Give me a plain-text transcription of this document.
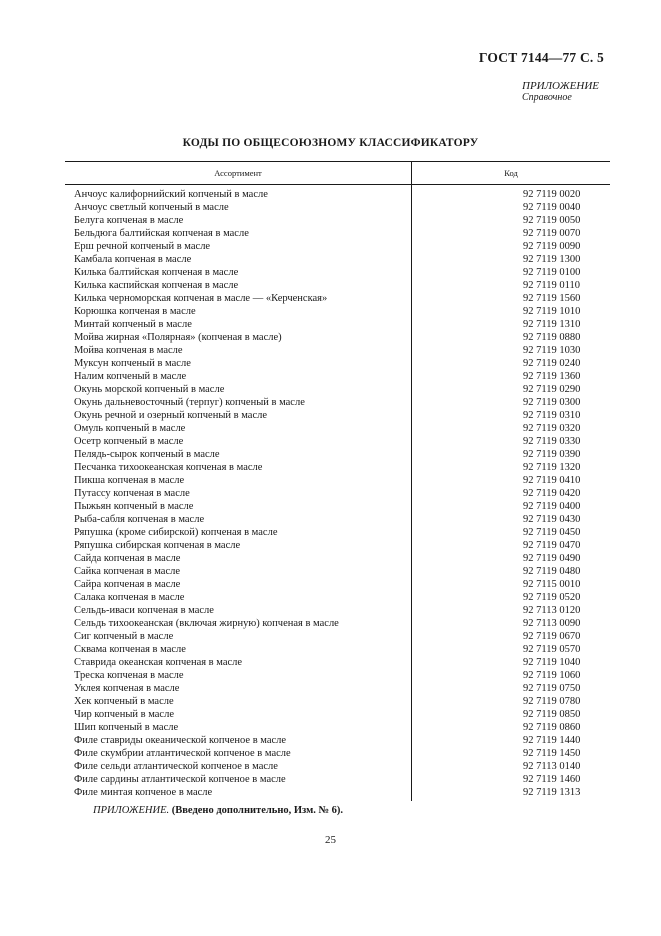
ГОСТ 7144—77 С. 5
ПРИЛОЖЕНИЕ
Справочное
КОДЫ ПО ОБЩЕСОЮЗНОМУ КЛАССИФИКАТОРУ
Ассортимент	Код
Анчоус калифорнийский копченый в масле
Анчоус светлый копченый в масле
Белуга копченая в масле
Бельдюга балтийская копченая в масле
Ерш речной копченый в масле
Камбала копченая в масле
Килька балтийская копченая в масле
Килька каспийская копченая в масле
Килька черноморская копченая в масле — «Керченская»
Корюшка копченая в масле
Минтай копченый в масле
Мойва жирная «Полярная» (копченая в масле)
Мойва копченая в масле
Муксун копченый в масле
Налим копченый в масле
Окунь морской копченый в масле
Окунь дальневосточный (терпуг) копченый в масле
Окунь речной и озерный копченый в масле
Омуль копченый в масле
Осетр копченый в масле
Пелядь-сырок копченый в масле
Песчанка тихоокеанская копченая в масле
Пикша копченая в масле
Путассу копченая в масле
Пыжьян копченый в масле
Рыба-сабля копченая в масле
Ряпушка (кроме сибирской) копченая в масле
Ряпушка сибирская копченая в масле
Сайда копченая в масле
Сайка копченая в масле
Сайра копченая в масле
Салака копченая в масле
Сельдь-иваси копченая в масле
Сельдь тихоокеанская (включая жирную) копченая в масле
Сиг копченый в масле
Сквама копченая в масле
Ставрида океанская копченая в масле
Треска копченая в масле
Уклея копченая в масле
Хек копченый в масле
Чир копченый в масле
Шип копченый в масле
Филе ставриды океанической копченое в масле
Филе скумбрии атлантической копченое в масле
Филе сельди атлантической копченое в масле
Филе сардины атлантической копченое в масле
Филе минтая копченое в масле
92 7119 0020
92 7119 0040
92 7119 0050
92 7119 0070
92 7119 0090
92 7119 1300
92 7119 0100
92 7119 0110
92 7119 1560
92 7119 1010
92 7119 1310
92 7119 0880
92 7119 1030
92 7119 0240
92 7119 1360
92 7119 0290
92 7119 0300
92 7119 0310
92 7119 0320
92 7119 0330
92 7119 0390
92 7119 1320
92 7119 0410
92 7119 0420
92 7119 0400
92 7119 0430
92 7119 0450
92 7119 0470
92 7119 0490
92 7119 0480
92 7115 0010
92 7119 0520
92 7113 0120
92 7113 0090
92 7119 0670
92 7119 0570
92 7119 1040
92 7119 1060
92 7119 0750
92 7119 0780
92 7119 0850
92 7119 0860
92 7119 1440
92 7119 1450
92 7113 0140
92 7119 1460
92 7119 1313
ПРИЛОЖЕНИЕ. (Введено дополнительно, Изм. № 6).
25
